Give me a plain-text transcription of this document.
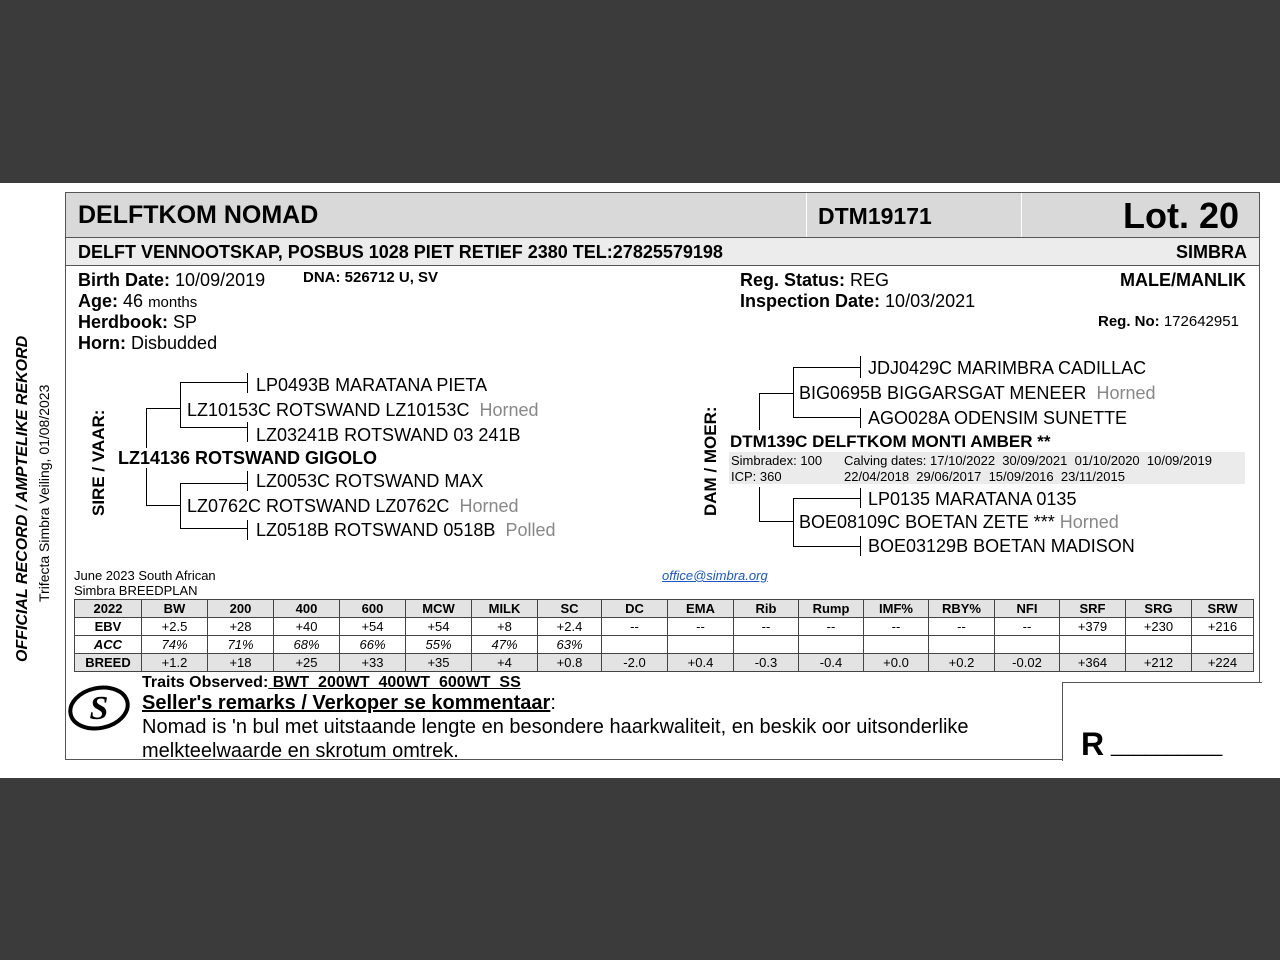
OFFICIAL RECORD / AMPTELIKE REKORD Trifecta Simbra Veiling, 01/08/2023
DELFTKOM NOMAD	DTM19171	Lot. 20
DELFT VENNOOTSKAP, POSBUS 1028 PIET RETIEF 2380 TEL:27825579198	SIMBRA
Birth Date: 10/09/2019	DNA: 526712 U, SV
Age: 46 months
Herdbook: SP
Horn: Disbudded
Reg. Status: REG
Inspection Date: 10/03/2021
MALE/MANLIK
Reg. No: 172642951
SIRE / VAAR:
LP0493B MARATANA PIETA
LZ10153C ROTSWAND LZ10153C Horned
LZ03241B ROTSWAND 03 241B
LZ14136 ROTSWAND GIGOLO
LZ0053C ROTSWAND MAX
LZ0762C ROTSWAND LZ0762C Horned
LZ0518B ROTSWAND 0518B Polled
DAM / MOER:
JDJ0429C MARIMBRA CADILLAC
BIG0695B BIGGARSGAT MENEER Horned
AGO028A ODENSIM SUNETTE
DTM139C DELFTKOM MONTI AMBER **
Simbradex: 100
ICP: 360
Calving dates: 17/10/2022  30/09/2021  01/10/2020  10/09/2019
22/04/2018  29/06/2017  15/09/2016  23/11/2015
LP0135 MARATANA 0135
BOE08109C BOETAN ZETE *** Horned
BOE03129B BOETAN MADISON
June 2023 South African
Simbra BREEDPLAN
office@simbra.org
2022	BW	200	400	600	MCW	MILK	SC	DC	EMA	Rib	Rump	IMF%	RBY%	NFI	SRF	SRG	SRW
EBV	+2.5	+28	+40	+54	+54	+8	+2.4	--	--	--	--	--	--	--	+379	+230	+216
ACC	74%	71%	68%	66%	55%	47%	63%										
BREED	+1.2	+18	+25	+33	+35	+4	+0.8	-2.0	+0.4	-0.3	-0.4	+0.0	+0.2	-0.02	+364	+212	+224
S
Traits Observed: BWT  200WT  400WT  600WT  SS
Seller's remarks / Verkoper se kommentaar:
Nomad is 'n bul met uitstaande lengte en besondere haarkwaliteit, en beskik oor uitsonderlike
melkteelwaarde en skrotum omtrek.	R __________
